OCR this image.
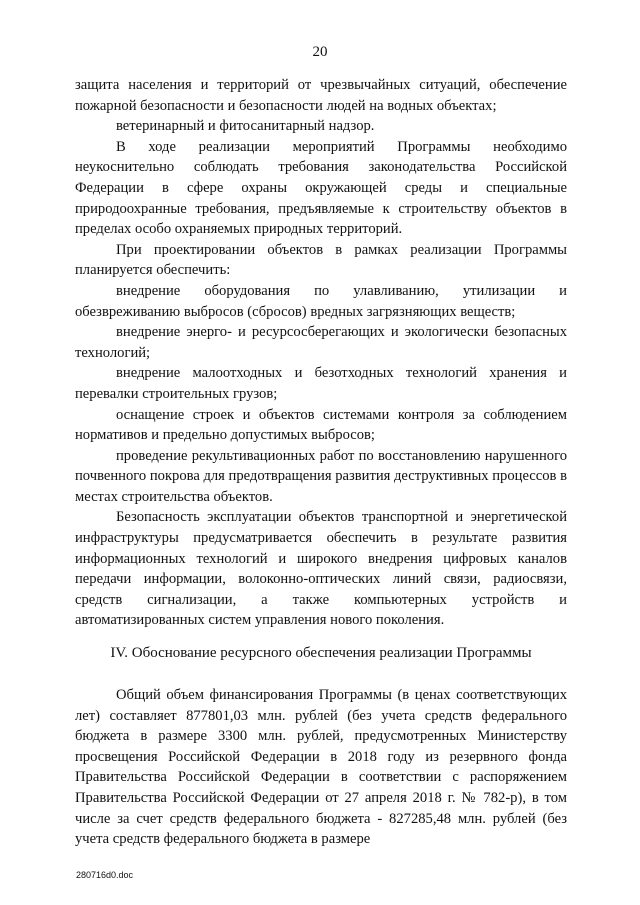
20

защита населения и территорий от чрезвычайных ситуаций, обеспечение пожарной безопасности и безопасности людей на водных объектах;

ветеринарный и фитосанитарный надзор.

В ходе реализации мероприятий Программы необходимо неукоснительно соблюдать требования законодательства Российской Федерации в сфере охраны окружающей среды и специальные природоохранные требования, предъявляемые к строительству объектов в пределах особо охраняемых природных территорий.

При проектировании объектов в рамках реализации Программы планируется обеспечить:

внедрение оборудования по улавливанию, утилизации и обезвреживанию выбросов (сбросов) вредных загрязняющих веществ;

внедрение энерго- и ресурсосберегающих и экологически безопасных технологий;

внедрение малоотходных и безотходных технологий хранения и перевалки строительных грузов;

оснащение строек и объектов системами контроля за соблюдением нормативов и предельно допустимых выбросов;

проведение рекультивационных работ по восстановлению нарушенного почвенного покрова для предотвращения развития деструктивных процессов в местах строительства объектов.

Безопасность эксплуатации объектов транспортной и энергетической инфраструктуры предусматривается обеспечить в результате развития информационных технологий и широкого внедрения цифровых каналов передачи информации, волоконно-оптических линий связи, радиосвязи, средств сигнализации, а также компьютерных устройств и автоматизированных систем управления нового поколения.

IV. Обоснование ресурсного обеспечения реализации Программы

Общий объем финансирования Программы (в ценах соответствующих лет) составляет 877801,03 млн. рублей (без учета средств федерального бюджета в размере 3300 млн. рублей, предусмотренных Министерству просвещения Российской Федерации в 2018 году из резервного фонда Правительства Российской Федерации в соответствии с распоряжением Правительства Российской Федерации от 27 апреля 2018 г. № 782-р), в том числе за счет средств федерального бюджета - 827285,48 млн. рублей (без учета средств федерального бюджета в размере

280716d0.doc
